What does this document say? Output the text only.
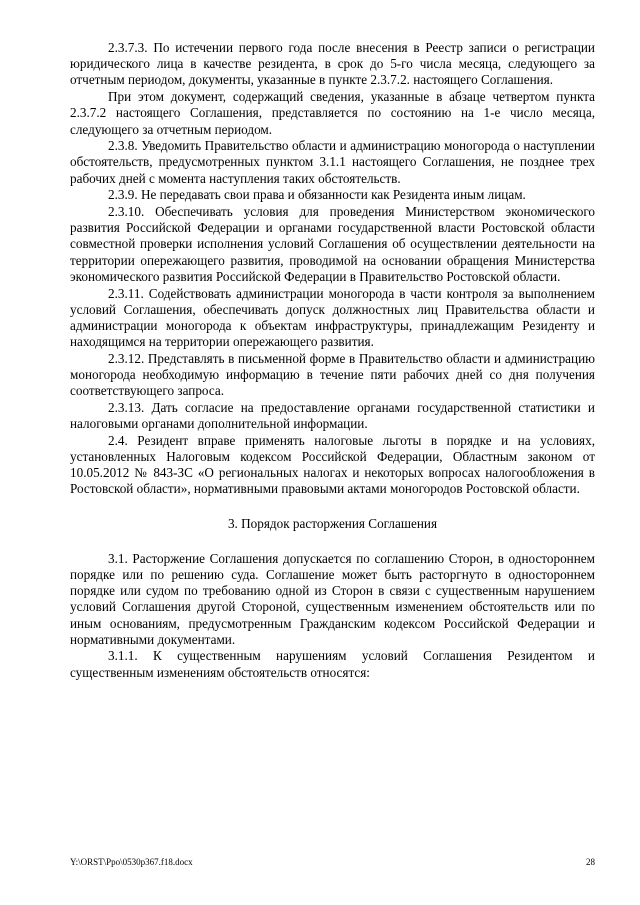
2.3.7.3. По истечении первого года после внесения в Реестр записи о регистрации юридического лица в качестве резидента, в срок до 5-го числа месяца, следующего за отчетным периодом, документы, указанные в пункте 2.3.7.2. настоящего Соглашения.

При этом документ, содержащий сведения, указанные в абзаце четвертом пункта 2.3.7.2 настоящего Соглашения, представляется по состоянию на 1-е число месяца, следующего за отчетным периодом.

2.3.8. Уведомить Правительство области и администрацию моногорода о наступлении обстоятельств, предусмотренных пунктом 3.1.1 настоящего Соглашения, не позднее трех рабочих дней с момента наступления таких обстоятельств.

2.3.9. Не передавать свои права и обязанности как Резидента иным лицам.

2.3.10. Обеспечивать условия для проведения Министерством экономического развития Российской Федерации и органами государственной власти Ростовской области совместной проверки исполнения условий Соглашения об осуществлении деятельности на территории опережающего развития, проводимой на основании обращения Министерства экономического развития Российской Федерации в Правительство Ростовской области.

2.3.11. Содействовать администрации моногорода в части контроля за выполнением условий Соглашения, обеспечивать допуск должностных лиц Правительства области и администрации моногорода к объектам инфраструктуры, принадлежащим Резиденту и находящимся на территории опережающего развития.

2.3.12. Представлять в письменной форме в Правительство области и администрацию моногорода необходимую информацию в течение пяти рабочих дней со дня получения соответствующего запроса.

2.3.13. Дать согласие на предоставление органами государственной статистики и налоговыми органами дополнительной информации.

2.4. Резидент вправе применять налоговые льготы в порядке и на условиях, установленных Налоговым кодексом Российской Федерации, Областным законом от 10.05.2012 № 843-ЗС «О региональных налогах и некоторых вопросах налогообложения в Ростовской области», нормативными правовыми актами моногородов Ростовской области.

3. Порядок расторжения Соглашения

3.1. Расторжение Соглашения допускается по соглашению Сторон, в одностороннем порядке или по решению суда. Соглашение может быть расторгнуто в одностороннем порядке или судом по требованию одной из Сторон в связи с существенным нарушением условий Соглашения другой Стороной, существенным изменением обстоятельств или по иным основаниям, предусмотренным Гражданским кодексом Российской Федерации и нормативными документами.

3.1.1. К существенным нарушениям условий Соглашения Резидентом и существенным изменениям обстоятельств относятся:

Y:\ORST\Ppo\0530p367.f18.docx	28
